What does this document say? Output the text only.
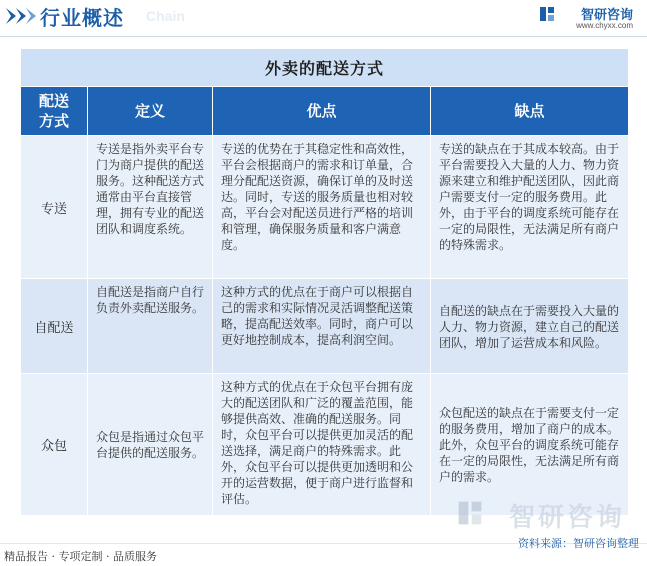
行业概述 Chain	智研咨询
www.chyxx.com
外卖的配送方式			

配送方式	定义	优点	缺点
专送	专送是指外卖平台专门为商户提供的配送服务。这种配送方式通常由平台直接管理，拥有专业的配送团队和调度系统。	专送的优势在于其稳定性和高效性，平台会根据商户的需求和订单量，合理分配配送资源，确保订单的及时送达。同时，专送的服务质量也相对较高，平台会对配送员进行严格的培训和管理，确保服务质量和客户满意度。	专送的缺点在于其成本较高。由于平台需要投入大量的人力、物力资源来建立和维护配送团队，因此商户需要支付一定的服务费用。此外，由于平台的调度系统可能存在一定的局限性，无法满足所有商户的特殊需求。
自配送	自配送是指商户自行负责外卖配送服务。	这种方式的优点在于商户可以根据自己的需求和实际情况灵活调整配送策略，提高配送效率。同时，商户可以更好地控制成本，提高利润空间。	自配送的缺点在于需要投入大量的人力、物力资源，建立自己的配送团队，增加了运营成本和风险。
众包	众包是指通过众包平台提供的配送服务。	这种方式的优点在于众包平台拥有庞大的配送团队和广泛的覆盖范围，能够提供高效、准确的配送服务。同时，众包平台可以提供更加灵活的配送选择，满足商户的特殊需求。此外，众包平台可以提供更加透明和公开的运营数据，便于商户进行监督和评估。	众包配送的缺点在于需要支付一定的服务费用，增加了商户的成本。此外，众包平台的调度系统可能存在一定的局限性，无法满足所有商户的需求。
智研咨询
精品报告 · 专项定制 · 品质服务
资料来源：智研咨询整理
